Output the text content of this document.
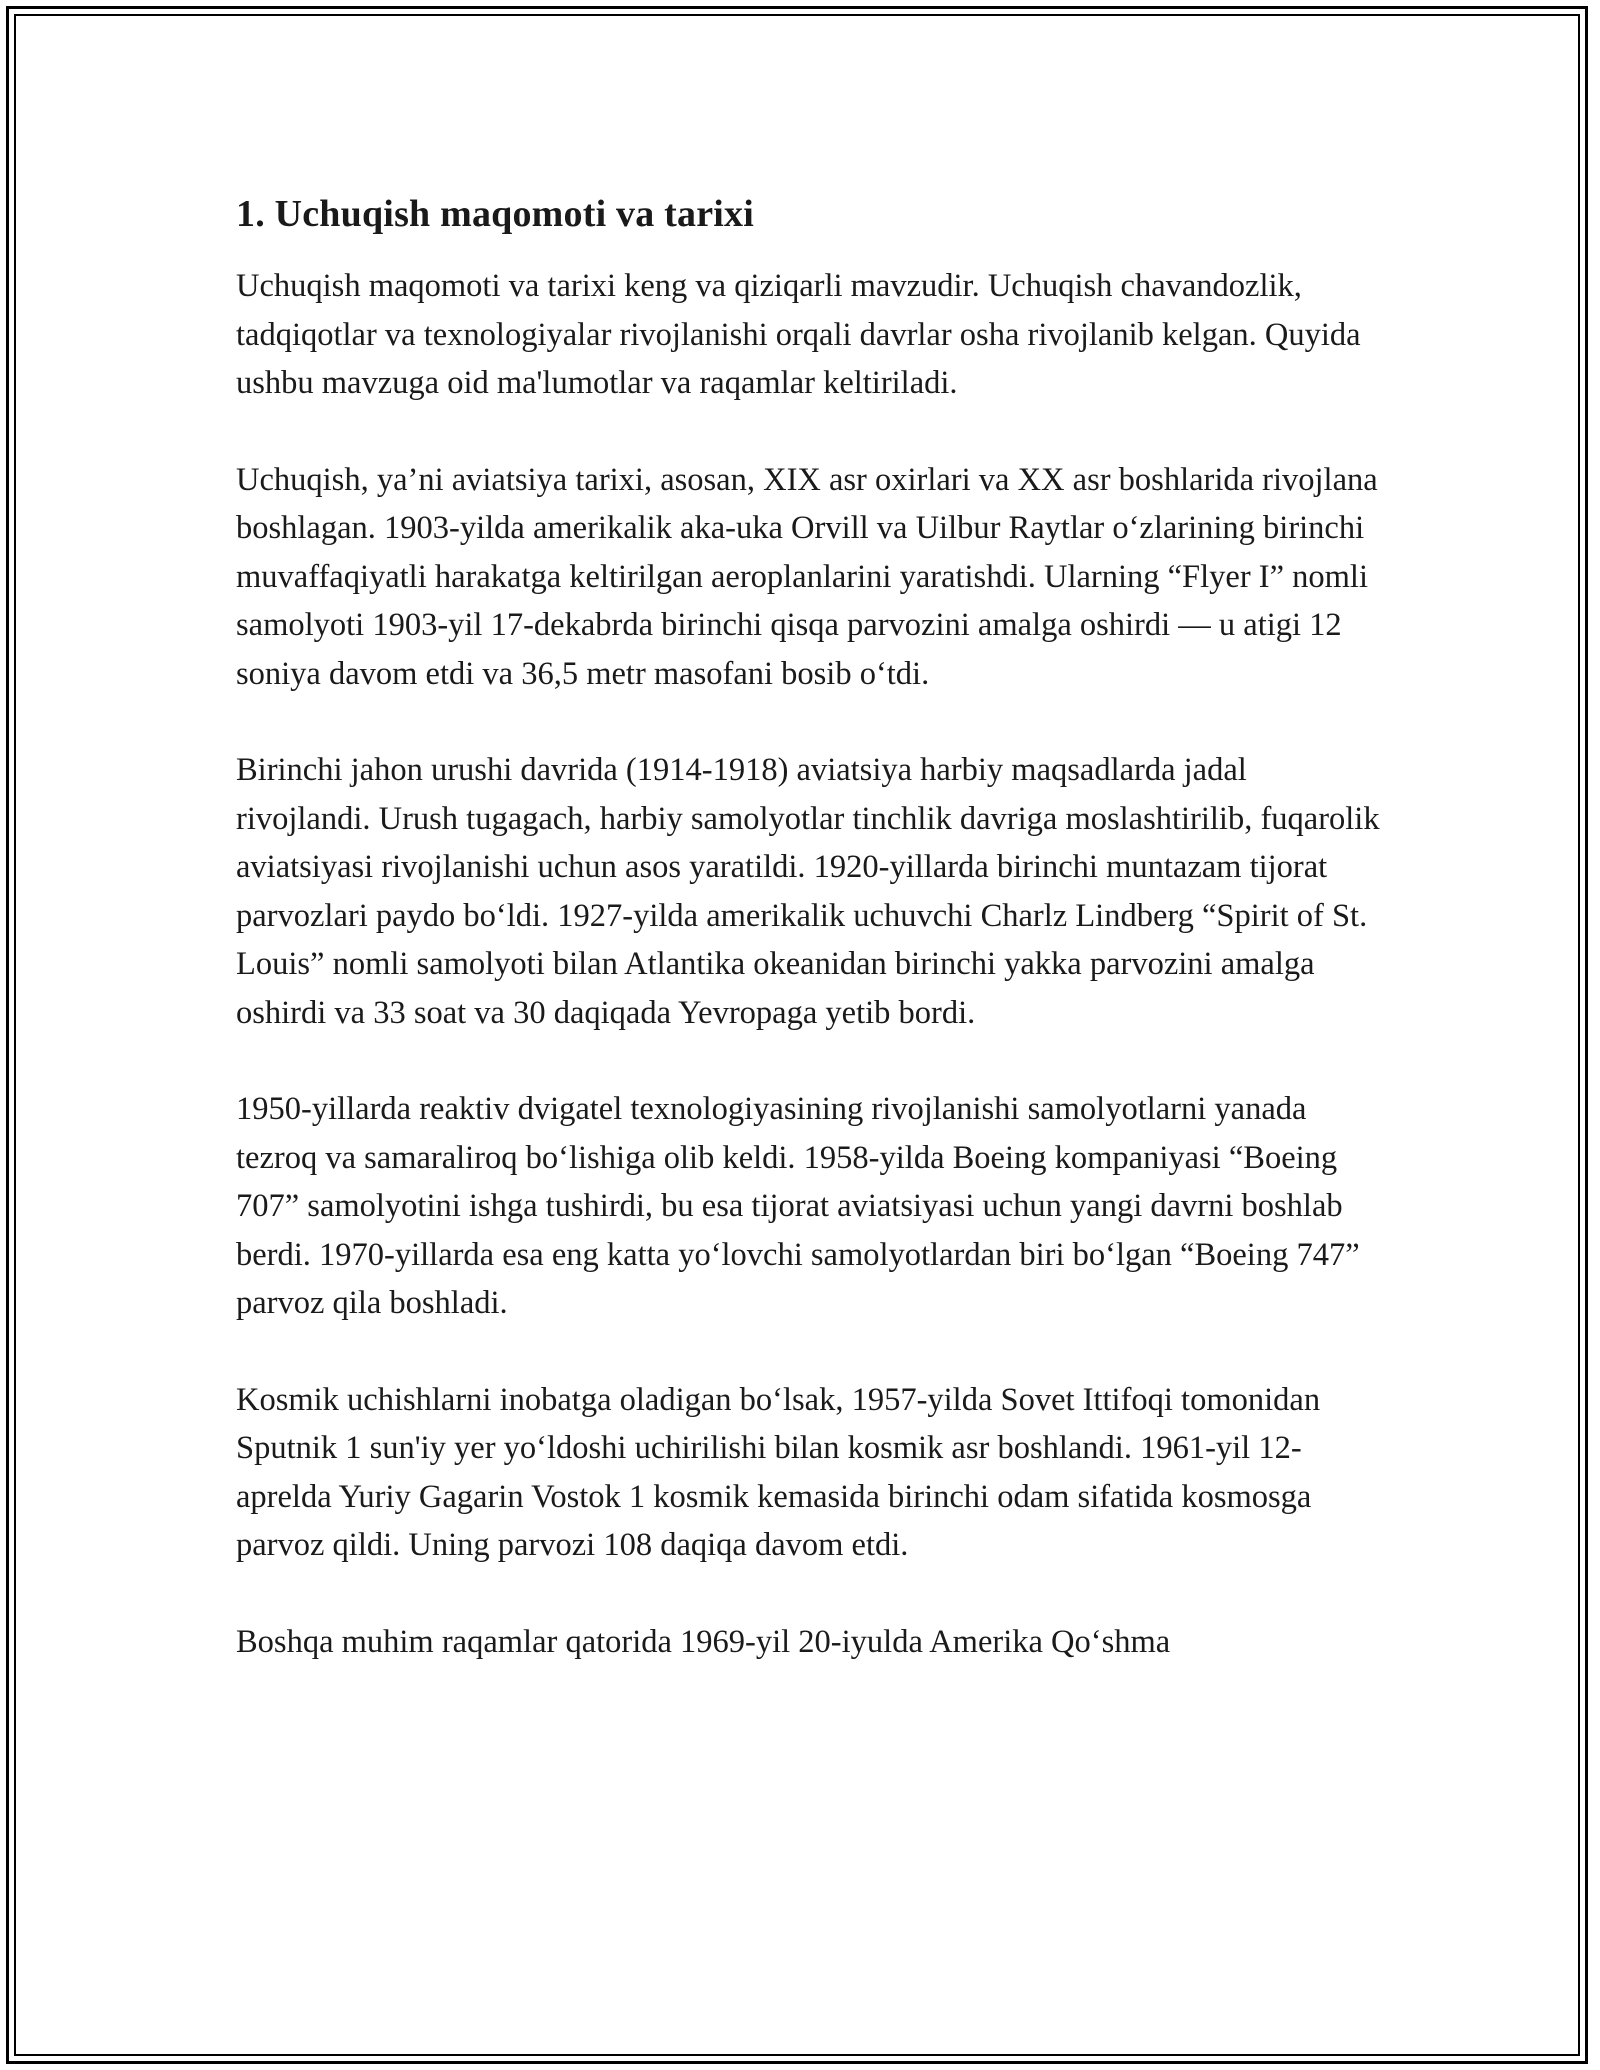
1. Uchuqish maqomoti va tarixi

Uchuqish maqomoti va tarixi keng va qiziqarli mavzudir. Uchuqish chavandozlik, tadqiqotlar va texnologiyalar rivojlanishi orqali davrlar osha rivojlanib kelgan. Quyida ushbu mavzuga oid ma'lumotlar va raqamlar keltiriladi.

Uchuqish, ya’ni aviatsiya tarixi, asosan, XIX asr oxirlari va XX asr boshlarida rivojlana boshlagan. 1903-yilda amerikalik aka-uka Orvill va Uilbur Raytlar o‘zlarining birinchi muvaffaqiyatli harakatga keltirilgan aeroplanlarini yaratishdi. Ularning “Flyer I” nomli samolyoti 1903-yil 17-dekabrda birinchi qisqa parvozini amalga oshirdi — u atigi 12 soniya davom etdi va 36,5 metr masofani bosib o‘tdi.

Birinchi jahon urushi davrida (1914-1918) aviatsiya harbiy maqsadlarda jadal rivojlandi. Urush tugagach, harbiy samolyotlar tinchlik davriga moslashtirilib, fuqarolik aviatsiyasi rivojlanishi uchun asos yaratildi. 1920-yillarda birinchi muntazam tijorat parvozlari paydo bo‘ldi. 1927-yilda amerikalik uchuvchi Charlz Lindberg “Spirit of St. Louis” nomli samolyoti bilan Atlantika okeanidan birinchi yakka parvozini amalga oshirdi va 33 soat va 30 daqiqada Yevropaga yetib bordi.

1950-yillarda reaktiv dvigatel texnologiyasining rivojlanishi samolyotlarni yanada tezroq va samaraliroq bo‘lishiga olib keldi. 1958-yilda Boeing kompaniyasi “Boeing 707” samolyotini ishga tushirdi, bu esa tijorat aviatsiyasi uchun yangi davrni boshlab berdi. 1970-yillarda esa eng katta yo‘lovchi samolyotlardan biri bo‘lgan “Boeing 747” parvoz qila boshladi.

Kosmik uchishlarni inobatga oladigan bo‘lsak, 1957-yilda Sovet Ittifoqi tomonidan Sputnik 1 sun'iy yer yo‘ldoshi uchirilishi bilan kosmik asr boshlandi. 1961-yil 12-aprelda Yuriy Gagarin Vostok 1 kosmik kemasida birinchi odam sifatida kosmosga parvoz qildi. Uning parvozi 108 daqiqa davom etdi.

Boshqa muhim raqamlar qatorida 1969-yil 20-iyulda Amerika Qo‘shma
